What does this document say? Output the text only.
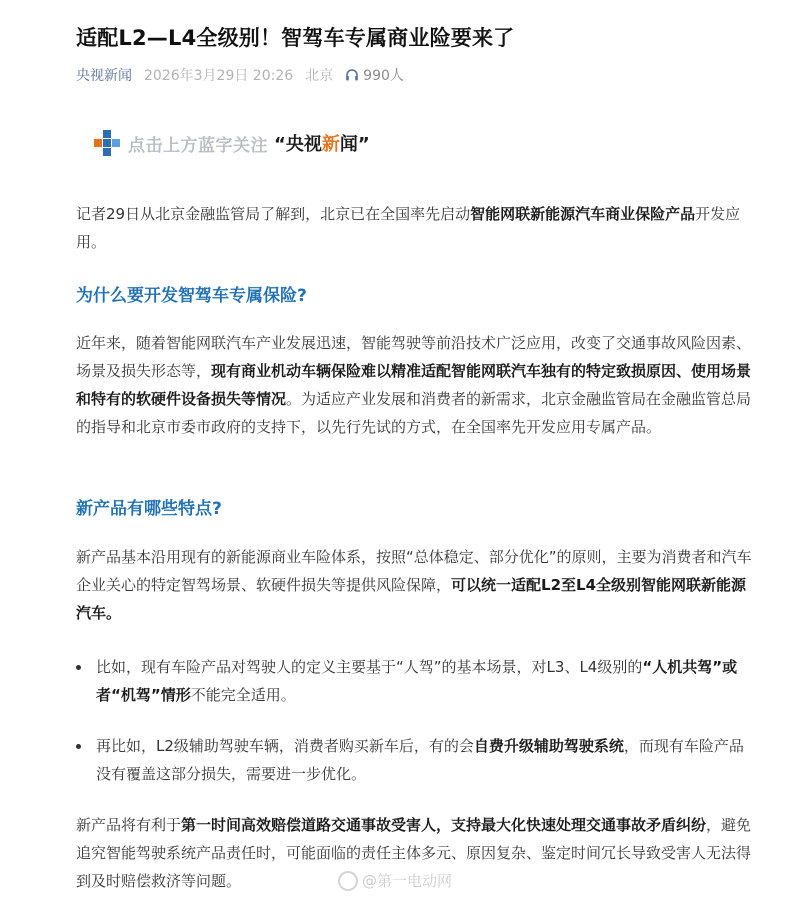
适配L2—L4全级别！智驾车专属商业险要来了
央视新闻 2026年3月29日 20:26 北京 990人
点击上方蓝字关注 “央视新闻”
记者29日从北京金融监管局了解到，北京已在全国率先启动智能网联新能源汽车商业保险产品开发应用。
为什么要开发智驾车专属保险?
近年来，随着智能网联汽车产业发展迅速，智能驾驶等前沿技术广泛应用，改变了交通事故风险因素、场景及损失形态等，现有商业机动车辆保险难以精准适配智能网联汽车独有的特定致损原因、使用场景和特有的软硬件设备损失等情况。为适应产业发展和消费者的新需求，北京金融监管局在金融监管总局的指导和北京市委市政府的支持下，以先行先试的方式，在全国率先开发应用专属产品。
新产品有哪些特点?
新产品基本沿用现有的新能源商业车险体系，按照“总体稳定、部分优化”的原则，主要为消费者和汽车企业关心的特定智驾场景、软硬件损失等提供风险保障，可以统一适配L2至L4全级别智能网联新能源汽车。
比如，现有车险产品对驾驶人的定义主要基于“人驾”的基本场景，对L3、L4级别的“人机共驾”或者“机驾”情形不能完全适用。
再比如，L2级辅助驾驶车辆，消费者购买新车后，有的会自费升级辅助驾驶系统，而现有车险产品没有覆盖这部分损失，需要进一步优化。
新产品将有利于第一时间高效赔偿道路交通事故受害人，支持最大化快速处理交通事故矛盾纠纷，避免追究智能驾驶系统产品责任时，可能面临的责任主体多元、原因复杂、鉴定时间冗长导致受害人无法得到及时赔偿救济等问题。	@第一电动网
